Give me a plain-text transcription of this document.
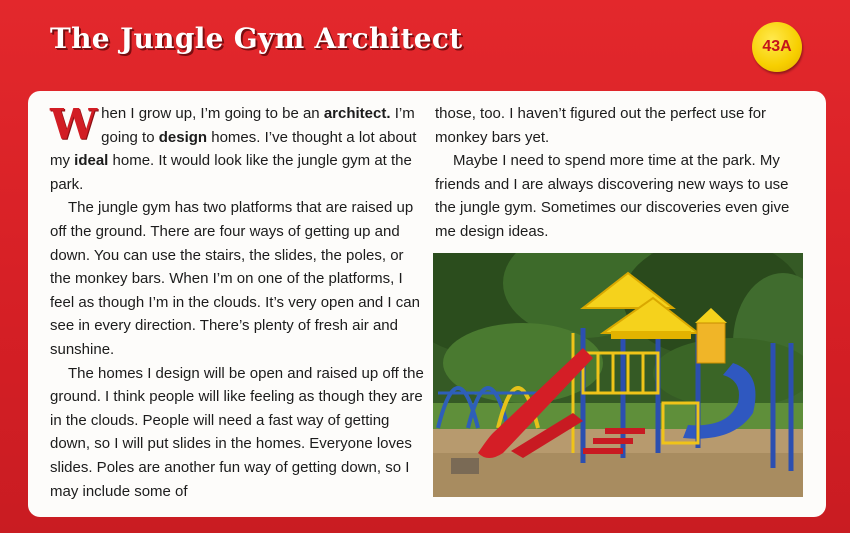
The Jungle Gym Architect	43A

When I grow up, I’m going to be an architect. I’m going to design homes. I’ve thought a lot about my ideal home. It would look like the jungle gym at the park.

The jungle gym has two platforms that are raised up off the ground. There are four ways of getting up and down. You can use the stairs, the slides, the poles, or the monkey bars. When I’m on one of the platforms, I feel as though I’m in the clouds. It’s very open and I can see in every direction. There’s plenty of fresh air and sunshine.

The homes I design will be open and raised up off the ground. I think people will like feeling as though they are in the clouds. People will need a fast way of getting down, so I will put slides in the homes. Everyone loves slides. Poles are another fun way of getting down, so I may include some of

those, too. I haven’t figured out the perfect use for monkey bars yet.

Maybe I need to spend more time at the park. My friends and I are always discovering new ways to use the jungle gym. Sometimes our discoveries even give me design ideas.
